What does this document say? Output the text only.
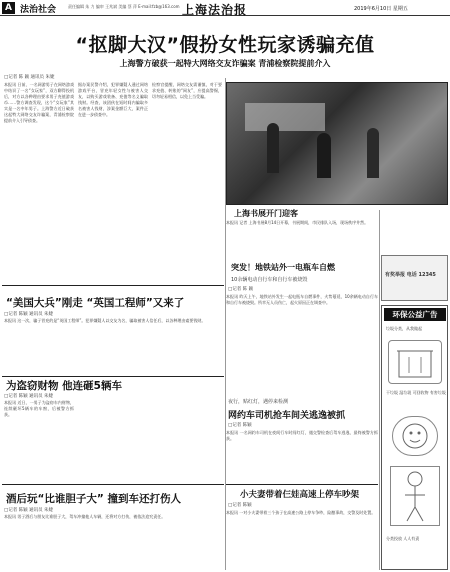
A 法治社会	责任编辑 朱 力 编审 王兆斌 美编 蔡 萍 E-mail:fzb@163.com 上海法治报	2019年6月10日 星期五
“抠脚大汉”假扮女性玩家诱骗充值
上海警方破获一起特大网络交友诈骗案 青浦检察院提前介入
□记者 陈 颖 通讯员 朱婕
本报讯 日前，一名网游男子在网络游戏中结识了一名“女玩家”，双方聊得投机后，对方以各种理由要求男子充值游戏币……警方调查发现，这个“女玩家”其实是一名中年男子。上海警方近日破获这起特大网络交友诈骗案，青浦检察院提前介入引导侦查。
据办案民警介绍，犯罪嫌疑人通过网络游戏平台，冒充年轻女性与被害人交友，以购买游戏装备、充值等名义骗取钱财。经查，该团伙在短时间内骗取多名被害人钱财，涉案金额巨大，案件正在进一步侦查中。
检察官提醒，网络交友需谨慎，对于要求充值、转账的“网友”，应提高警惕，切勿轻易相信，以免上当受骗。
上海书展开门迎客
本报讯 记者 上海书展8月14日开幕，书展期间，市民排队入场，现场秩序井然。
突发！地铁站外一电瓶车自燃
10余辆电动自行车和自行车被烧毁
□记者 陈 颖
本报讯 昨天上午，地铁站外发生一起电瓶车自燃事件，火势蔓延，10余辆电动自行车和自行车被烧毁。所幸无人员伤亡，起火原因正在调查中。
有奖举报 电话 12345
“美国大兵”刚走 “英国工程师”又来了
□记者 陈颖 通讯员 朱婕
本报讯 这一次，骗子冒充的是“英国工程师”。犯罪嫌疑人以交友为名，骗取被害人信任后，以各种理由索要钱财。
为盗窃财物 他连砸5辆车
□记者 陈颖 通讯员 朱婕
本报讯 近日，一男子为盗窃车内财物，连续砸坏5辆车的车窗，后被警方抓获。
夜行，贴红灯，遇停来检测
网约车司机抢车间关逃逸被抓
□记者 陈颖
本报讯 一名网约车司机在夜间行车时闯红灯，遇交警检查后驾车逃逸，最终被警方抓获。
酒后玩“比谁胆子大” 撞到车还打伤人
□记者 陈颖 通讯员 朱婕
本报讯 男子酒后与朋友比谁胆子大，驾车冲撞他人车辆，还将对方打伤，被依法追究责任。
小夫妻带着仨娃高速上停车吵架
□记者 陈颖
本报讯 一对小夫妻带着三个孩子在高速公路上停车争吵，险酿事故，交警及时处置。
环保公益广告
垃圾分类，从我做起
干垃圾 湿垃圾 可回收物 有害垃圾
分类投放 人人有责
